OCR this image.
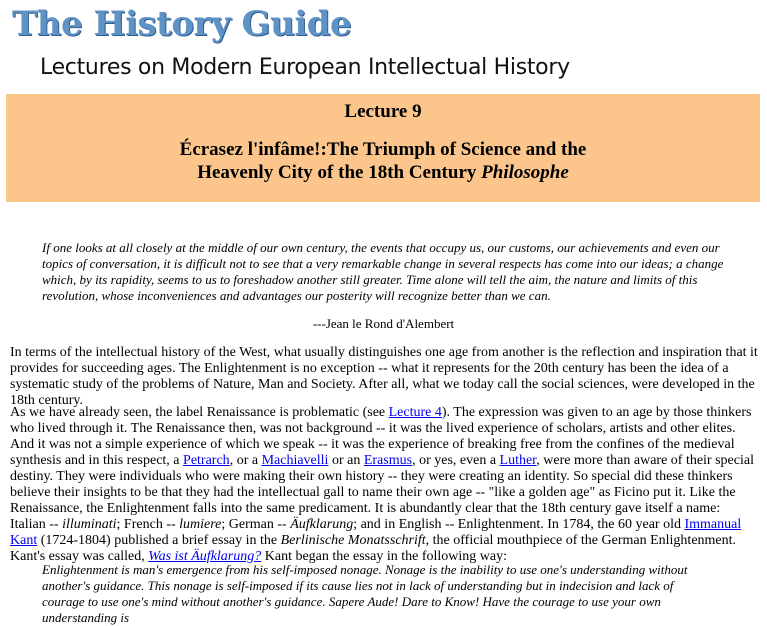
The History Guide
Lectures on Modern European Intellectual History
Lecture 9
Écrasez l'infâme!:The Triumph of Science and the
Heavenly City of the 18th Century Philosophe

If one looks at all closely at the middle of our own century, the events that occupy us, our customs, our achievements and even our topics of conversation, it is difficult not to see that a very remarkable change in several respects has come into our ideas; a change which, by its rapidity, seems to us to foreshadow another still greater. Time alone will tell the aim, the nature and limits of this revolution, whose inconveniences and advantages our posterity will recognize better than we can.

---Jean le Rond d'Alembert

In terms of the intellectual history of the West, what usually distinguishes one age from another is the reflection and inspiration that it provides for succeeding ages. The Enlightenment is no exception -- what it represents for the 20th century has been the idea of a systematic study of the problems of Nature, Man and Society. After all, what we today call the social sciences, were developed in the 18th century.

As we have already seen, the label Renaissance is problematic (see Lecture 4). The expression was given to an age by those thinkers who lived through it. The Renaissance then, was not background -- it was the lived experience of scholars, artists and other elites. And it was not a simple experience of which we speak -- it was the experience of breaking free from the confines of the medieval synthesis and in this respect, a Petrarch, or a Machiavelli or an Erasmus, or yes, even a Luther, were more than aware of their special destiny. They were individuals who were making their own history -- they were creating an identity. So special did these thinkers believe their insights to be that they had the intellectual gall to name their own age -- "like a golden age" as Ficino put it. Like the Renaissance, the Enlightenment falls into the same predicament. It is abundantly clear that the 18th century gave itself a name: Italian -- illuminati; French -- lumiere; German -- Äufklarung; and in English -- Enlightenment. In 1784, the 60 year old Immanual Kant (1724-1804) published a brief essay in the Berlinische Monatsschrift, the official mouthpiece of the German Enlightenment. Kant's essay was called, Was ist Äufklarung? Kant began the essay in the following way:

Enlightenment is man's emergence from his self-imposed nonage. Nonage is the inability to use one's understanding without another's guidance. This nonage is self-imposed if its cause lies not in lack of understanding but in indecision and lack of courage to use one's mind without another's guidance. Sapere Aude! Dare to Know! Have the courage to use your own understanding is
